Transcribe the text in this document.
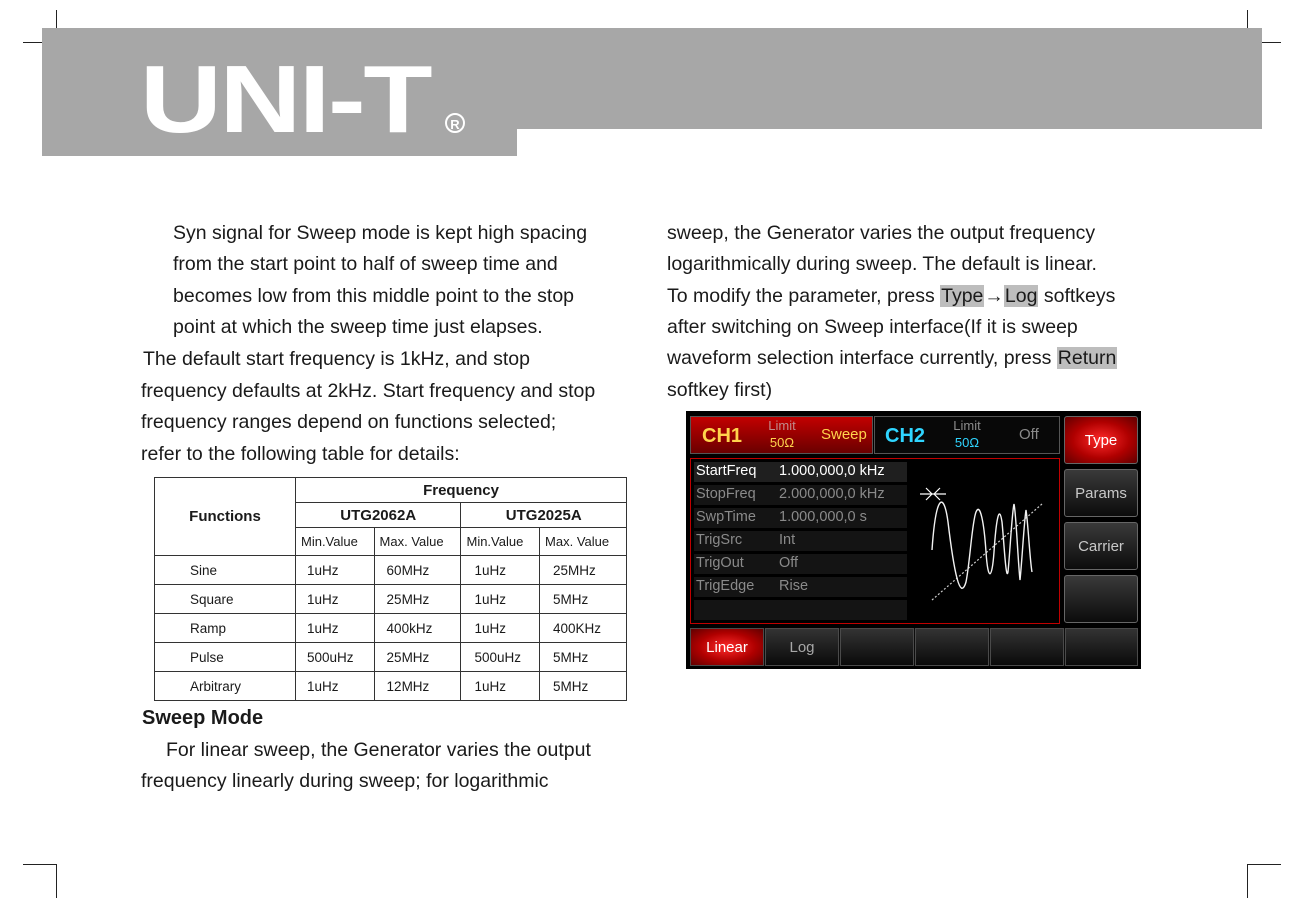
UNI-T	R
Syn signal for Sweep mode is kept high spacing
from the start point to half of sweep time and
becomes low from this middle point to the stop
point at which the sweep time just elapses.
The default start frequency is 1kHz, and stop
frequency defaults at 2kHz. Start frequency and stop
frequency ranges depend on functions selected;
refer to the following table for details:
Functions	Frequency			
	UTG2062A		UTG2025A	
	Min.Value	Max. Value	Min.Value	Max. Value
Sine	1uHz	60MHz	1uHz	25MHz
Square	1uHz	25MHz	1uHz	5MHz
Ramp	1uHz	400kHz	1uHz	400KHz
Pulse	500uHz	25MHz	500uHz	5MHz
Arbitrary	1uHz	12MHz	1uHz	5MHz
Sweep Mode
For linear sweep, the Generator varies the output
frequency linearly during sweep; for logarithmic
sweep, the Generator varies the output frequency
logarithmically during sweep. The default is linear.
To modify the parameter, press Type→Log softkeys
after switching on Sweep interface(If it is sweep
waveform selection interface currently, press Return
softkey first)
CH1	Limit
50Ω	Sweep CH2	Limit
50Ω	Off	Type
Params
Carrier
StartFreq 1.000,000,0 kHz
StopFreq 2.000,000,0 kHz
SwpTime 1.000,000,0 s
TrigSrc	Int
TrigOut Off
TrigEdge Rise
Linear	Log
